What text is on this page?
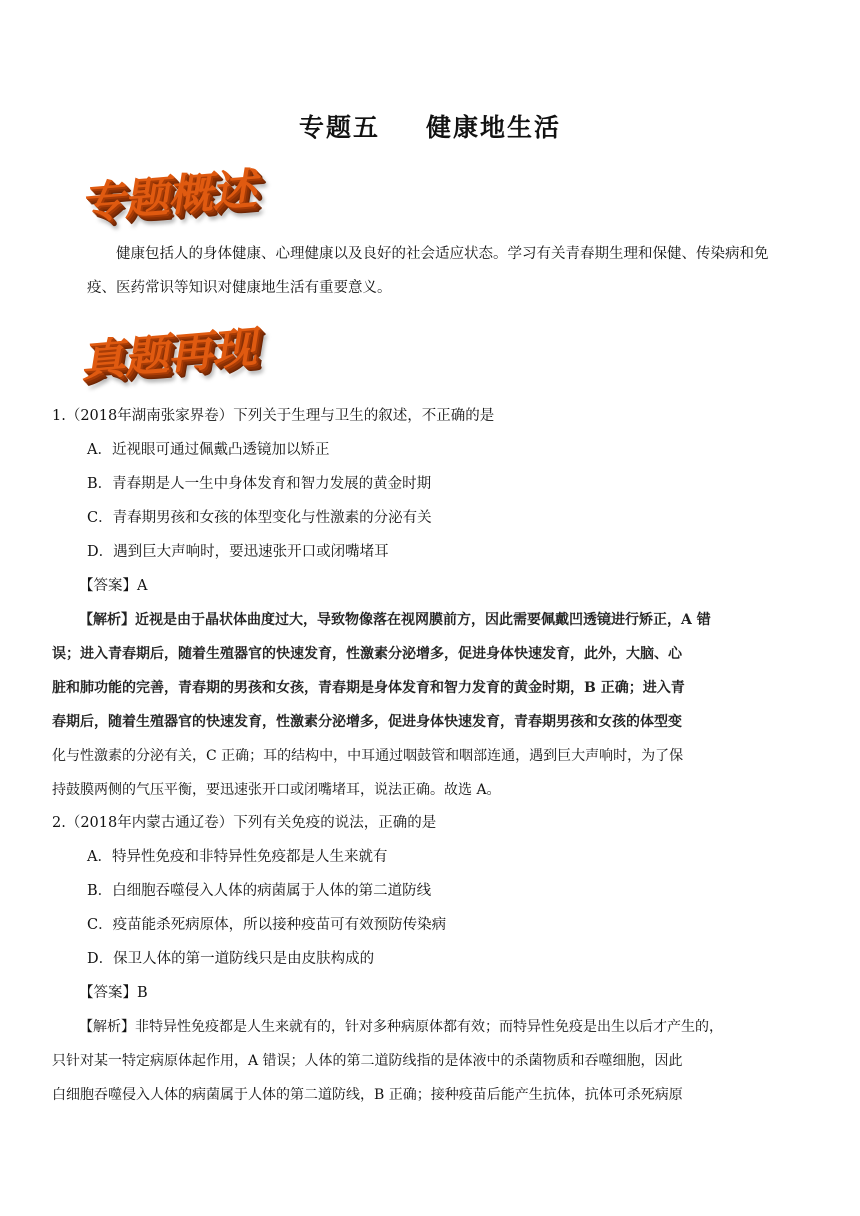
专题五 健康地生活
专题概述
健康包括人的身体健康、心理健康以及良好的社会适应状态。学习有关青春期生理和保健、传染病和免疫、医药常识等知识对健康地生活有重要意义。
真题再现
1.（2018年湖南张家界卷）下列关于生理与卫生的叙述，不正确的是
A．近视眼可通过佩戴凸透镜加以矫正
B．青春期是人一生中身体发育和智力发展的黄金时期
C．青春期男孩和女孩的体型变化与性激素的分泌有关
D．遇到巨大声响时，要迅速张开口或闭嘴堵耳
【答案】A
【解析】近视是由于晶状体曲度过大，导致物像落在视网膜前方，因此需要佩戴凹透镜进行矫正，A 错
误；进入青春期后，随着生殖器官的快速发育，性激素分泌增多，促进身体快速发育，此外，大脑、心
脏和肺功能的完善，青春期的男孩和女孩，青春期是身体发育和智力发育的黄金时期，B 正确；进入青
春期后，随着生殖器官的快速发育，性激素分泌增多，促进身体快速发育，青春期男孩和女孩的体型变
化与性激素的分泌有关，C 正确；耳的结构中，中耳通过咽鼓管和咽部连通，遇到巨大声响时，为了保
持鼓膜两侧的气压平衡，要迅速张开口或闭嘴堵耳，说法正确。故选 A。
2.（2018年内蒙古通辽卷）下列有关免疫的说法，正确的是
A．特异性免疫和非特异性免疫都是人生来就有
B．白细胞吞噬侵入人体的病菌属于人体的第二道防线
C．疫苗能杀死病原体，所以接种疫苗可有效预防传染病
D．保卫人体的第一道防线只是由皮肤构成的
【答案】B
【解析】非特异性免疫都是人生来就有的，针对多种病原体都有效；而特异性免疫是出生以后才产生的，
只针对某一特定病原体起作用，A 错误；人体的第二道防线指的是体液中的杀菌物质和吞噬细胞，因此
白细胞吞噬侵入人体的病菌属于人体的第二道防线，B 正确；接种疫苗后能产生抗体，抗体可杀死病原
